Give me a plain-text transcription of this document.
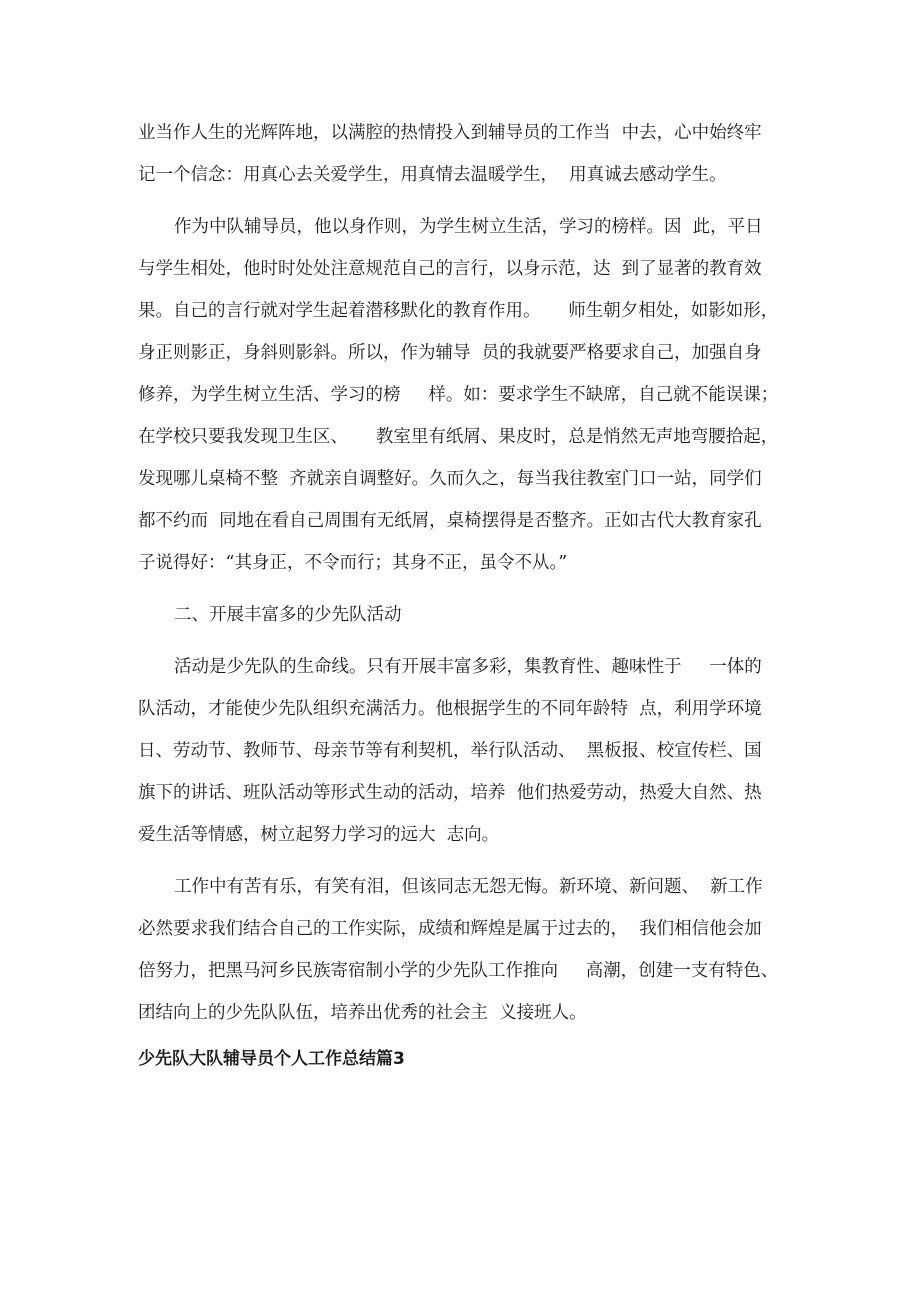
业当作人生的光辉阵地，以满腔的热情投入到辅导员的工作当  中去，心中始终牢
记一个信念：用真心去关爱学生，用真情去温暖学生，  用真诚去感动学生。
作为中队辅导员，他以身作则，为学生树立生活，学习的榜样。因  此，平日
与学生相处，他时时处处注意规范自己的言行，以身示范，达  到了显著的教育效
果。自己的言行就对学生起着潜移默化的教育作用。     师生朝夕相处，如影如形，
身正则影正，身斜则影斜。所以，作为辅导  员的我就要严格要求自己，加强自身
修养，为学生树立生活、学习的榜     样。如：要求学生不缺席，自己就不能误课；
在学校只要我发现卫生区、     教室里有纸屑、果皮时，总是悄然无声地弯腰拾起，
发现哪儿桌椅不整  齐就亲自调整好。久而久之，每当我往教室门口一站，同学们
都不约而  同地在看自己周围有无纸屑，桌椅摆得是否整齐。正如古代大教育家孔
子说得好：“其身正，不令而行；其身不正，虽令不从。”
二、开展丰富多的少先队活动
活动是少先队的生命线。只有开展丰富多彩，集教育性、趣味性于     一体的
队活动，才能使少先队组织充满活力。他根据学生的不同年龄特  点，利用学环境
日、劳动节、教师节、母亲节等有利契机，举行队活动、  黑板报、校宣传栏、国
旗下的讲话、班队活动等形式生动的活动，培养  他们热爱劳动，热爱大自然、热
爱生活等情感，树立起努力学习的远大  志向。
工作中有苦有乐，有笑有泪，但该同志无怨无悔。新环境、新问题、  新工作
必然要求我们结合自己的工作实际，成绩和辉煌是属于过去的，  我们相信他会加
倍努力，把黑马河乡民族寄宿制小学的少先队工作推向     高潮，创建一支有特色、
团结向上的少先队队伍，培养出优秀的社会主  义接班人。
少先队大队辅导员个人工作总结篇3
